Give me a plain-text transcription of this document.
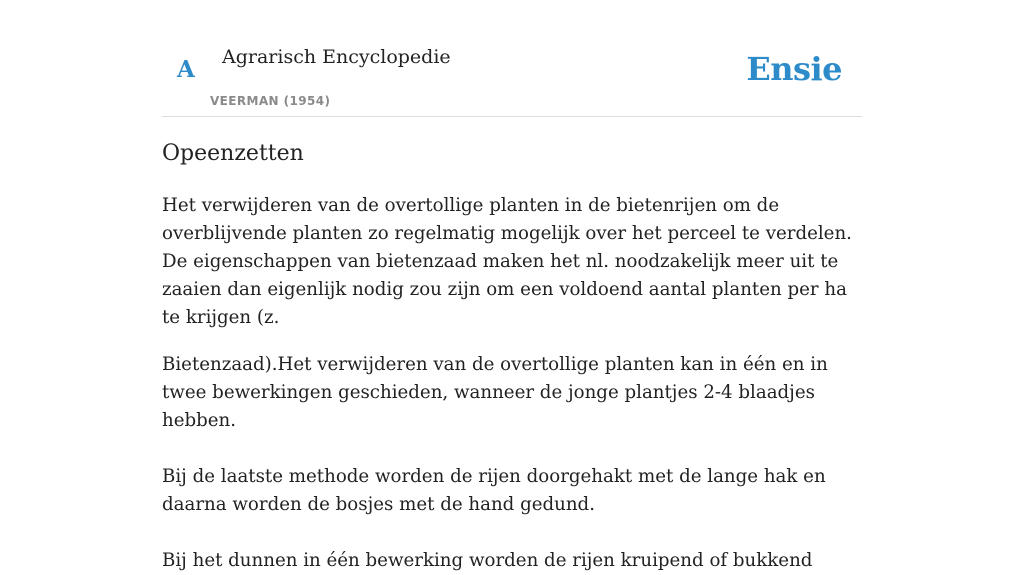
A Agrarisch Encyclopedie
VEERMAN (1954)
Ensie
Opeenzetten

Het verwijderen van de overtollige planten in de bietenrijen om de overblijvende planten zo regelmatig mogelijk over het perceel te verdelen. De eigenschappen van bietenzaad maken het nl. noodzakelijk meer uit te zaaien dan eigenlijk nodig zou zijn om een voldoend aantal planten per ha te krijgen (z.

Bietenzaad).Het verwijderen van de overtollige planten kan in één en in twee bewerkingen geschieden, wanneer de jonge plantjes 2-4 blaadjes hebben.

Bij de laatste methode worden de rijen doorgehakt met de lange hak en daarna worden de bosjes met de hand gedund.

Bij het dunnen in één bewerking worden de rijen kruipend of bukkend
